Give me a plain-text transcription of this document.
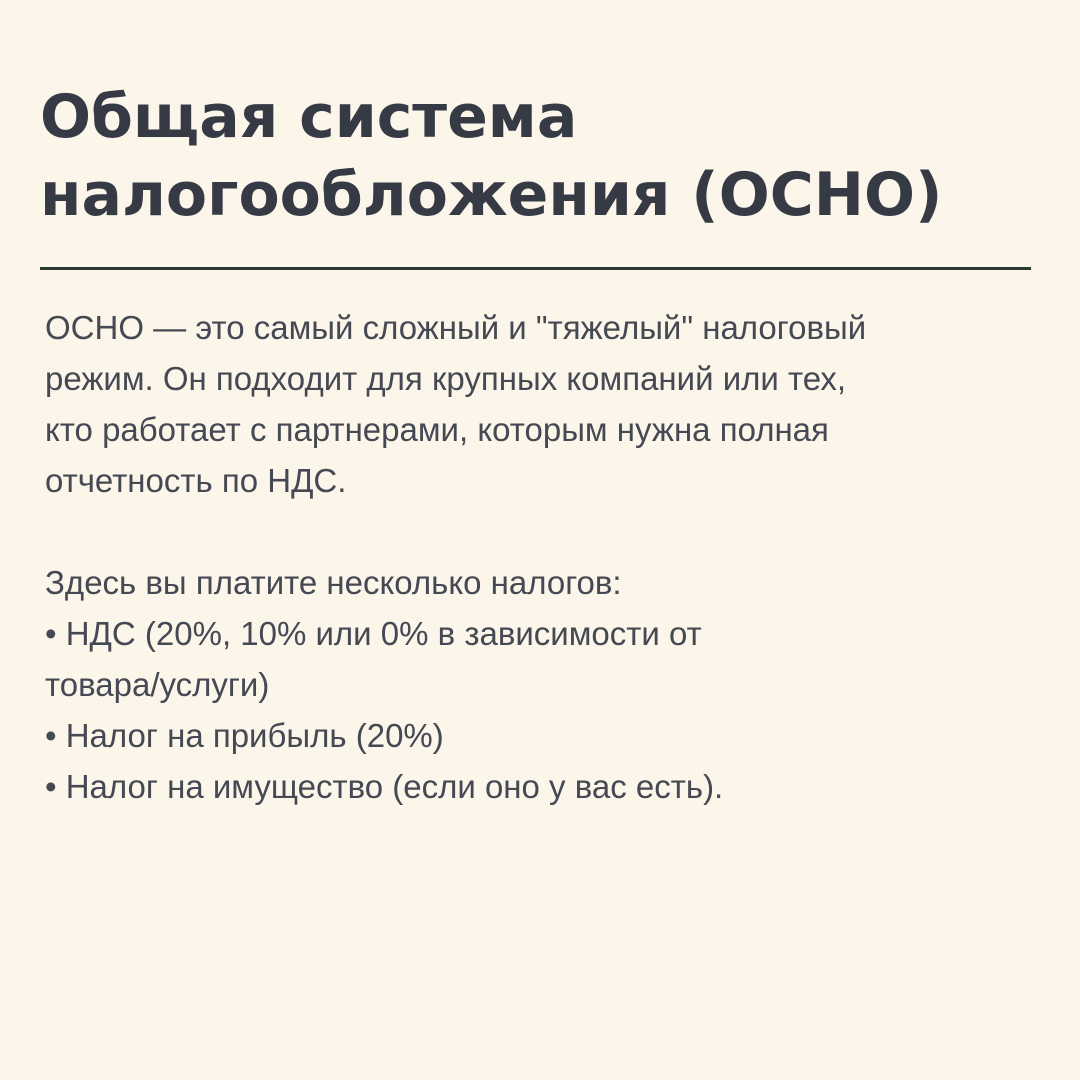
Общая система
налогообложения (ОСНО)
ОСНО — это самый сложный и "тяжелый" налоговый
режим. Он подходит для крупных компаний или тех,
кто работает с партнерами, которым нужна полная
отчетность по НДС.
Здесь вы платите несколько налогов:
• НДС (20%, 10% или 0% в зависимости от
товара/услуги)
• Налог на прибыль (20%)
• Налог на имущество (если оно у вас есть).
